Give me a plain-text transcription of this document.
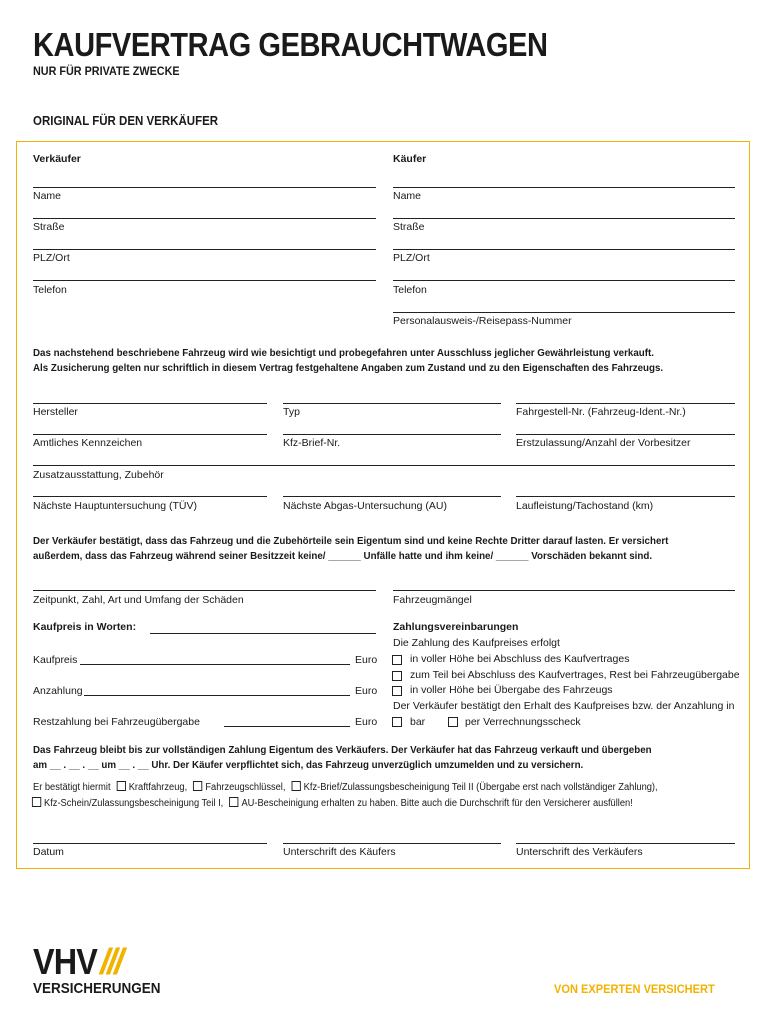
KAUFVERTRAG GEBRAUCHTWAGEN
NUR FÜR PRIVATE ZWECKE
ORIGINAL FÜR DEN VERKÄUFER
Verkäufer	Käufer
Name	Name
Straße	Straße
PLZ/Ort	PLZ/Ort
Telefon	Telefon
Personalausweis-/Reisepass-Nummer
Das nachstehend beschriebene Fahrzeug wird wie besichtigt und probegefahren unter Ausschluss jeglicher Gewährleistung verkauft.
Als Zusicherung gelten nur schriftlich in diesem Vertrag festgehaltene Angaben zum Zustand und zu den Eigenschaften des Fahrzeugs.
Hersteller	Typ	Fahrgestell-Nr. (Fahrzeug-Ident.-Nr.)
Amtliches Kennzeichen	Kfz-Brief-Nr.	Erstzulassung/Anzahl der Vorbesitzer
Zusatzausstattung, Zubehör
Nächste Hauptuntersuchung (TÜV)	Nächste Abgas-Untersuchung (AU)	Laufleistung/Tachostand (km)
Der Verkäufer bestätigt, dass das Fahrzeug und die Zubehörteile sein Eigentum sind und keine Rechte Dritter darauf lasten. Er versichert
außerdem, dass das Fahrzeug während seiner Besitzzeit keine/ ______ Unfälle hatte und ihm keine/ ______ Vorschäden bekannt sind.
Zeitpunkt, Zahl, Art und Umfang der Schäden	Fahrzeugmängel
Kaufpreis in Worten:
Kaufpreis	Euro
Anzahlung	Euro
Restzahlung bei Fahrzeugübergabe	Euro
Zahlungsvereinbarungen
Die Zahlung des Kaufpreises erfolgt
in voller Höhe bei Abschluss des Kaufvertrages
zum Teil bei Abschluss des Kaufvertrages, Rest bei Fahrzeugübergabe
in voller Höhe bei Übergabe des Fahrzeugs
Der Verkäufer bestätigt den Erhalt des Kaufpreises bzw. der Anzahlung in
bar	per Verrechnungsscheck
Das Fahrzeug bleibt bis zur vollständigen Zahlung Eigentum des Verkäufers. Der Verkäufer hat das Fahrzeug verkauft und übergeben
am __ . __ . __ um __ . __ Uhr. Der Käufer verpflichtet sich, das Fahrzeug unverzüglich umzumelden und zu versichern.
Er bestätigt hiermit Kraftfahrzeug, Fahrzeugschlüssel, Kfz-Brief/Zulassungsbescheinigung Teil II (Übergabe erst nach vollständiger Zahlung),
Kfz-Schein/Zulassungsbescheinigung Teil I, AU-Bescheinigung erhalten zu haben. Bitte auch die Durchschrift für den Versicherer ausfüllen!
Datum	Unterschrift des Käufers	Unterschrift des Verkäufers
VHV ///
VERSICHERUNGEN	VON EXPERTEN VERSICHERT
